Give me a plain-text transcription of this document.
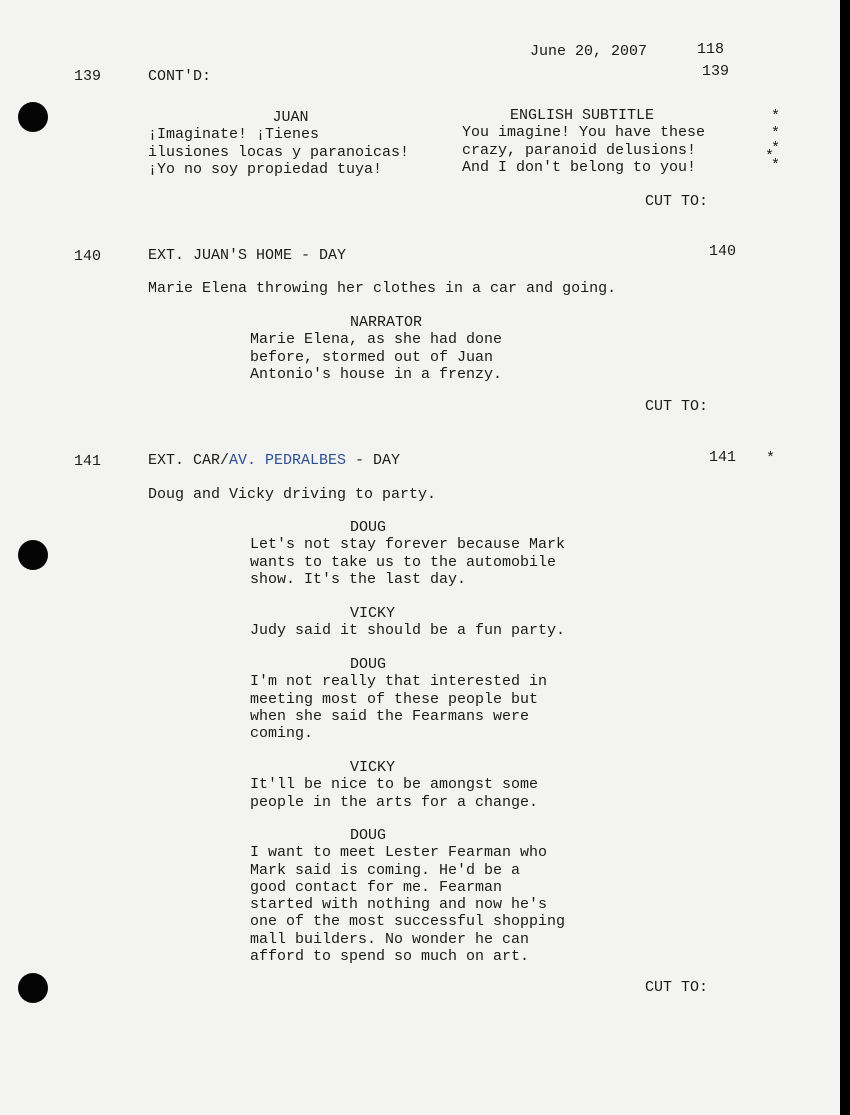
June 20, 2007	118
139
139	CONT'D:
JUAN
¡Imaginate! ¡Tienes
ilusiones locas y paranoicas!
¡Yo no soy propiedad tuya!
ENGLISH SUBTITLE
You imagine! You have these
crazy, paranoid delusions!
And I don't belong to you!
*
*
*
*
*
CUT TO:
140	EXT. JUAN'S HOME - DAY	140
Marie Elena throwing her clothes in a car and going.
NARRATOR
Marie Elena, as she had done
before, stormed out of Juan
Antonio's house in a frenzy.
CUT TO:
141	EXT. CAR/AV. PEDRALBES - DAY	141 *
Doug and Vicky driving to party.
DOUG
Let's not stay forever because Mark
wants to take us to the automobile
show. It's the last day.
VICKY
Judy said it should be a fun party.
DOUG
I'm not really that interested in
meeting most of these people but
when she said the Fearmans were
coming.
VICKY
It'll be nice to be amongst some
people in the arts for a change.
DOUG
I want to meet Lester Fearman who
Mark said is coming. He'd be a
good contact for me. Fearman
started with nothing and now he's
one of the most successful shopping
mall builders. No wonder he can
afford to spend so much on art.
CUT TO:
